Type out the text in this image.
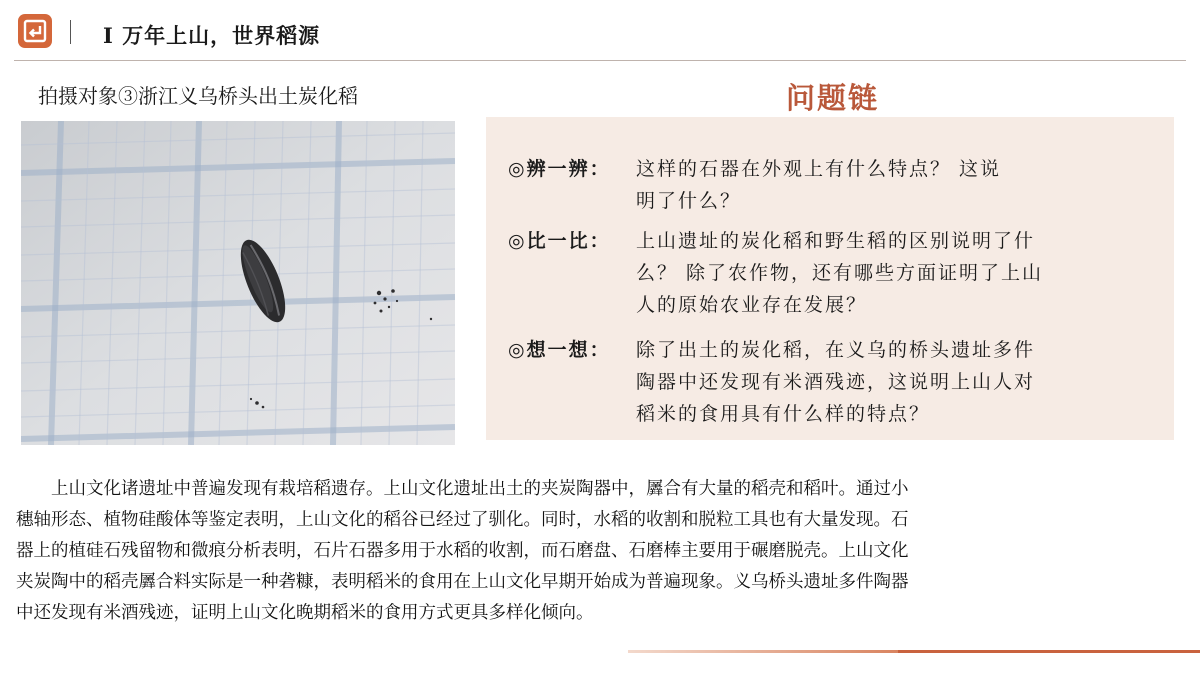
Ⅰ 万年上山，世界稻源
拍摄对象③浙江义乌桥头出土炭化稻	问题链
◎辨一辨： 这样的石器在外观上有什么特点？ 这说
明了什么？
◎比一比： 上山遗址的炭化稻和野生稻的区别说明了什
么？ 除了农作物，还有哪些方面证明了上山
人的原始农业存在发展？
◎想一想： 除了出土的炭化稻，在义乌的桥头遗址多件
陶器中还发现有米酒残迹，这说明上山人对
稻米的食用具有什么样的特点？
　　上山文化诸遗址中普遍发现有栽培稻遗存。上山文化遗址出土的夹炭陶器中，羼合有大量的稻壳和稻叶。通过小
穗轴形态、植物硅酸体等鉴定表明，上山文化的稻谷已经过了驯化。同时，水稻的收割和脱粒工具也有大量发现。石
器上的植硅石残留物和微痕分析表明，石片石器多用于水稻的收割，而石磨盘、石磨棒主要用于碾磨脱壳。上山文化
夹炭陶中的稻壳羼合料实际是一种砻糠，表明稻米的食用在上山文化早期开始成为普遍现象。义乌桥头遗址多件陶器
中还发现有米酒残迹，证明上山文化晚期稻米的食用方式更具多样化倾向。
